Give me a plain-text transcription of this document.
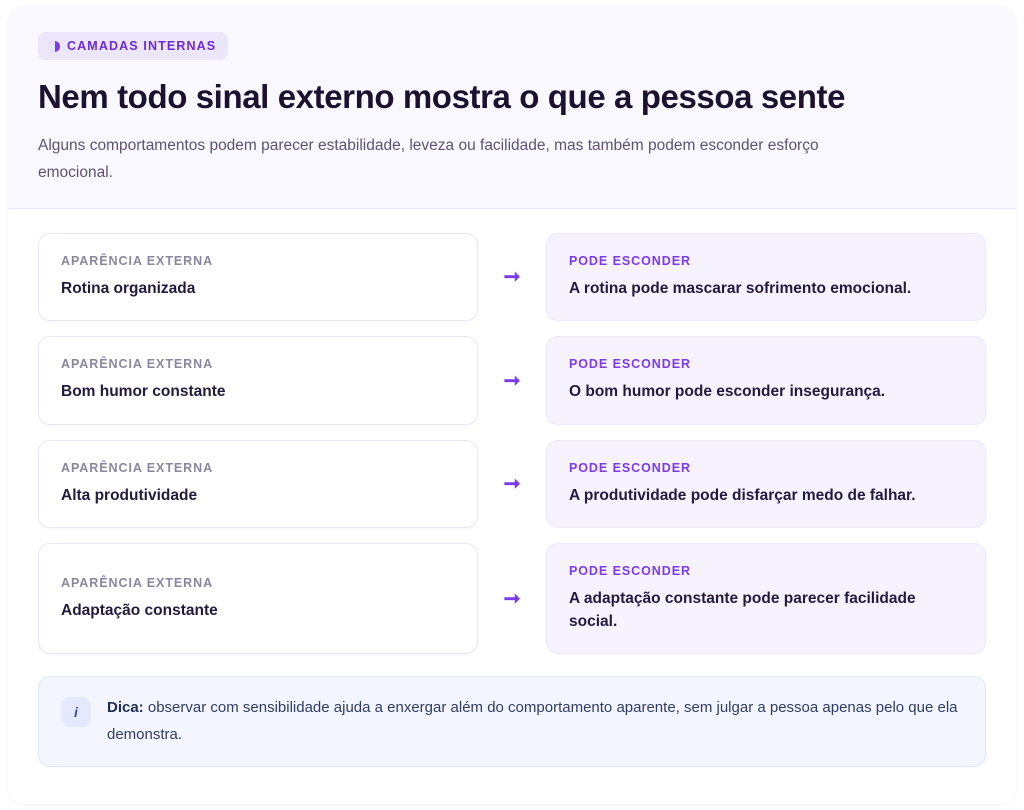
CAMADAS INTERNAS
Nem todo sinal externo mostra o que a pessoa sente

Alguns comportamentos podem parecer estabilidade, leveza ou facilidade, mas também podem esconder esforço emocional.

APARÊNCIA EXTERNA
Rotina organizada
➞
PODE ESCONDER
A rotina pode mascarar sofrimento emocional.
APARÊNCIA EXTERNA
Bom humor constante
➞
PODE ESCONDER
O bom humor pode esconder insegurança.
APARÊNCIA EXTERNA
Alta produtividade
➞
PODE ESCONDER
A produtividade pode disfarçar medo de falhar.
APARÊNCIA EXTERNA
Adaptação constante
➞
PODE ESCONDER
A adaptação constante pode parecer facilidade social.
i	Dica: observar com sensibilidade ajuda a enxergar além do comportamento aparente, sem julgar a pessoa apenas pelo que ela demonstra.
